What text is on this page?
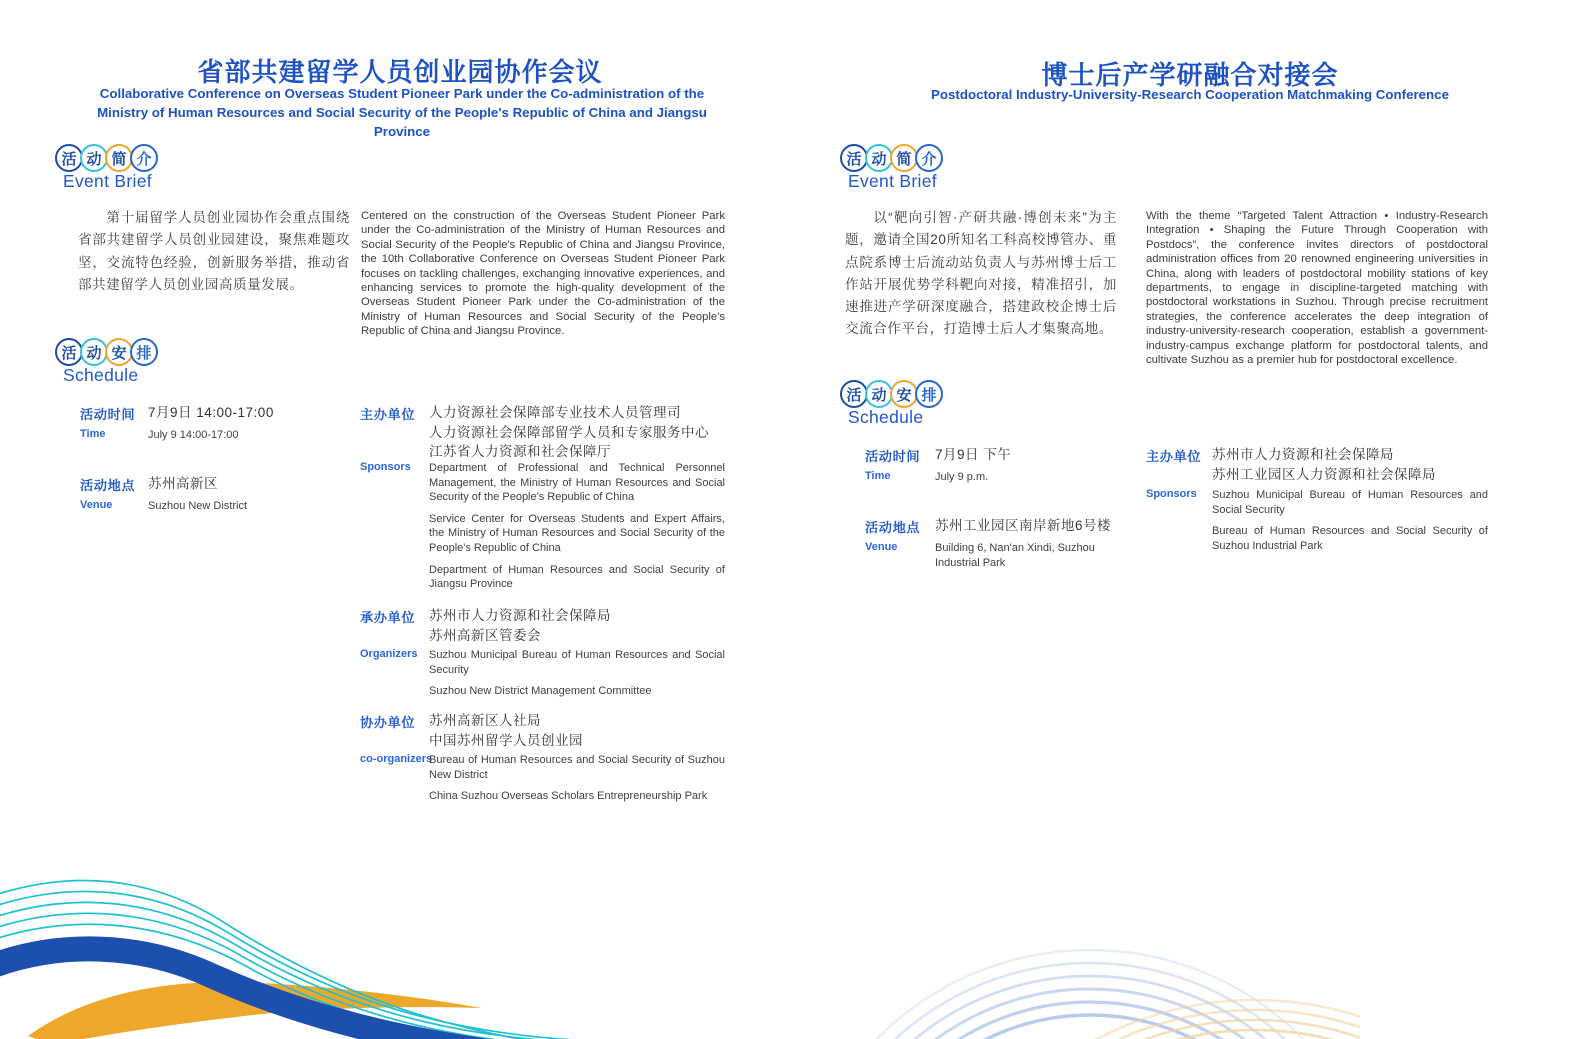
省部共建留学人员创业园协作会议
Collaborative Conference on Overseas Student Pioneer Park under the Co-administration of the Ministry of Human Resources and Social Security of the People's Republic of China and Jiangsu Province
活 动 简 介
Event Brief
第十届留学人员创业园协作会重点围绕省部共建留学人员创业园建设，聚焦难题攻坚，交流特色经验，创新服务举措，推动省部共建留学人员创业园高质量发展。
Centered on the construction of the Overseas Student Pioneer Park under the Co-administration of the Ministry of Human Resources and Social Security of the People's Republic of China and Jiangsu Province, the 10th Collaborative Conference on Overseas Student Pioneer Park focuses on tackling challenges, exchanging innovative experiences, and enhancing services to promote the high-quality development of the Overseas Student Pioneer Park under the Co-administration of the Ministry of Human Resources and Social Security of the People's Republic of China and Jiangsu Province.
活 动 安 排
Schedule
活动时间 7月9日 14:00-17:00
Time	July 9 14:00-17:00
活动地点 苏州高新区
Venue	Suzhou New District
主办单位 人力资源社会保障部专业技术人员管理司
人力资源社会保障部留学人员和专家服务中心
江苏省人力资源和社会保障厅
Sponsors Department of Professional and Technical Personnel Management, the Ministry of Human Resources and Social Security of the People's Republic of China
Service Center for Overseas Students and Expert Affairs, the Ministry of Human Resources and Social Security of the People's Republic of China
Department of Human Resources and Social Security of Jiangsu Province
承办单位 苏州市人力资源和社会保障局
苏州高新区管委会
Organizers Suzhou Municipal Bureau of Human Resources and Social Security
Suzhou New District Management Committee
协办单位 苏州高新区人社局
中国苏州留学人员创业园
co-organizers
Bureau of Human Resources and Social Security of Suzhou New District
China Suzhou Overseas Scholars Entrepreneurship Park
博士后产学研融合对接会
Postdoctoral Industry-University-Research Cooperation Matchmaking Conference
活 动 简 介
Event Brief
以“靶向引智·产研共融·博创未来”为主题，邀请全国20所知名工科高校博管办、重点院系博士后流动站负责人与苏州博士后工作站开展优势学科靶向对接，精准招引，加速推进产学研深度融合，搭建政校企博士后交流合作平台，打造博士后人才集聚高地。
With the theme “Targeted Talent Attraction • Industry-Research Integration • Shaping the Future Through Cooperation with Postdocs”, the conference invites directors of postdoctoral administration offices from 20 renowned engineering universities in China, along with leaders of postdoctoral mobility stations of key departments, to engage in discipline-targeted matching with postdoctoral workstations in Suzhou. Through precise recruitment strategies, the conference accelerates the deep integration of industry-university-research cooperation, establish a government-industry-campus exchange platform for postdoctoral talents, and cultivate Suzhou as a premier hub for postdoctoral excellence.
活 动 安 排
Schedule
活动时间 7月9日 下午
Time	July 9 p.m.
活动地点 苏州工业园区南岸新地6号楼
Venue	Building 6, Nan'an Xindi, Suzhou Industrial Park
主办单位 苏州市人力资源和社会保障局
苏州工业园区人力资源和社会保障局
Sponsors Suzhou Municipal Bureau of Human Resources and Social Security
Bureau of Human Resources and Social Security of Suzhou Industrial Park
